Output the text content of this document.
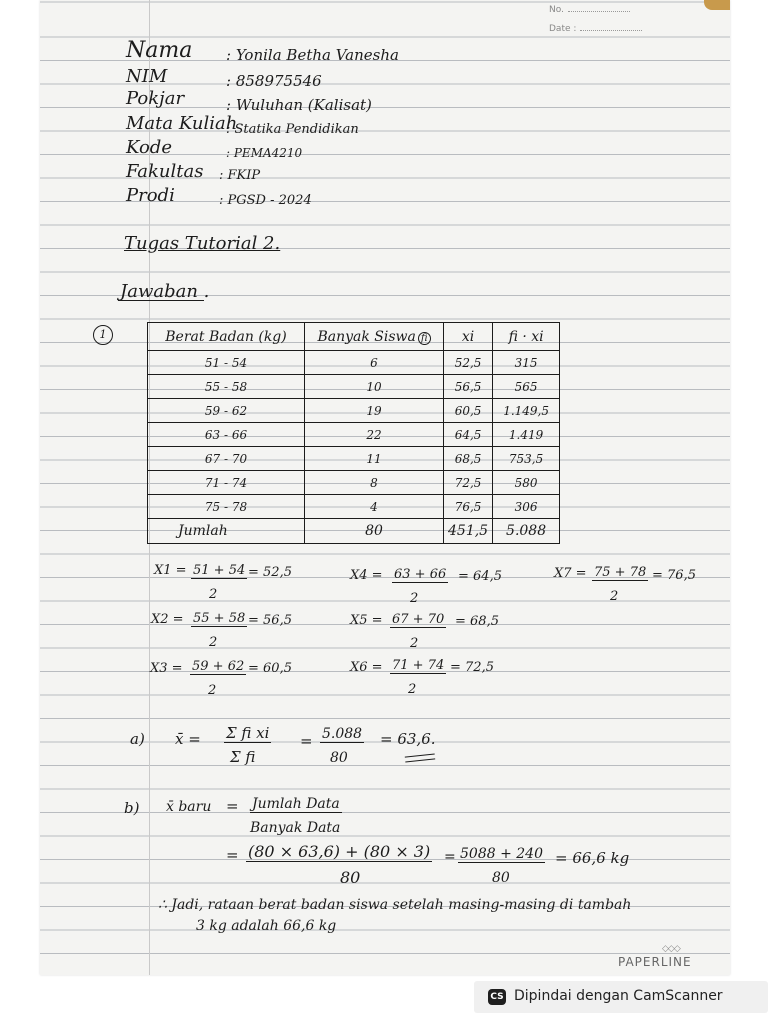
No.
Date :
Nama : Yonila Betha Vanesha
NIM	: 858975546
Pokjar	: Wuluhan (Kalisat)
Mata Kuliah
: Statika Pendidikan
Kode	: PEMA4210
Fakultas : FKIP
Prodi	: PGSD - 2024
Tugas Tutorial 2.
Jawaban .
1	Berat Badan (kg)	Banyak Siswa fi	xi	fi · xi
51 - 54	6	52,5	315
55 - 58	10	56,5	565
59 - 62	19	60,5	1.149,5
63 - 66	22	64,5	1.419
67 - 70	11	68,5	753,5
71 - 74	8	72,5	580
75 - 78	4	76,5	306
Jumlah	80	451,5	5.088
X1 =
$\frac{51 + 54}{2}$
= 52,5
X2 =
$\frac{55 + 58}{2}$
= 56,5
X3 =
$\frac{59 + 62}{2}$
= 60,5
X4 =
$\frac{63 + 66}{2}$
= 64,5
X5 =
$\frac{67 + 70}{2}$
= 68,5
X6 =
$\frac{71 + 74}{2}$
= 72,5
X7 =
$\frac{75 + 78}{2}$
= 76,5
a) x̄ =
$\frac{\text{Σ fi xi}}{\text{Σ fi}}$
=
$\frac{5.088}{80}$
= 63,6.
b) x̄ baru = Jumlah Data
Banyak Data
=
$\frac{(80 \times 63,6) + (80 \times 3)}{80}$
=
$\frac{5088 + 240}{80}$
= 66,6 kg
∴ Jadi, rataan berat badan siswa setelah masing-masing di tambah
3 kg adalah 66,6 kg
◇◇◇
PAPERLINE
CS Dipindai dengan CamScanner
